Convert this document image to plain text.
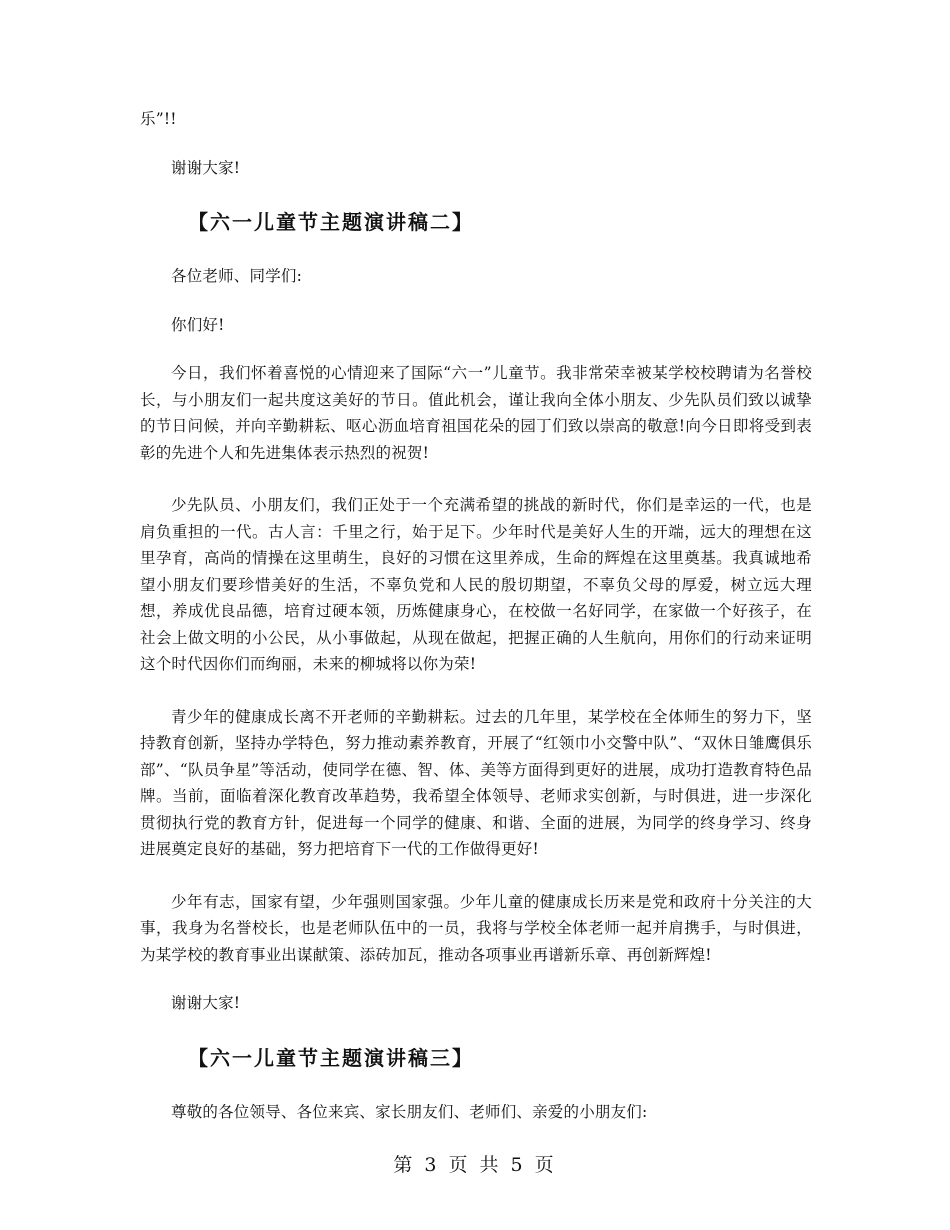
乐”!!

谢谢大家!

【六一儿童节主题演讲稿二】

各位老师、同学们:

你们好!

今日，我们怀着喜悦的心情迎来了国际“六一”儿童节。我非常荣幸被某学校校聘请为名誉校长，与小朋友们一起共度这美好的节日。值此机会，谨让我向全体小朋友、少先队员们致以诚挚的节日问候，并向辛勤耕耘、呕心沥血培育祖国花朵的园丁们致以崇高的敬意!向今日即将受到表彰的先进个人和先进集体表示热烈的祝贺!

少先队员、小朋友们，我们正处于一个充满希望的挑战的新时代，你们是幸运的一代，也是肩负重担的一代。古人言：千里之行，始于足下。少年时代是美好人生的开端，远大的理想在这里孕育，高尚的情操在这里萌生，良好的习惯在这里养成，生命的辉煌在这里奠基。我真诚地希望小朋友们要珍惜美好的生活，不辜负党和人民的殷切期望，不辜负父母的厚爱，树立远大理想，养成优良品德，培育过硬本领，历炼健康身心，在校做一名好同学，在家做一个好孩子，在社会上做文明的小公民，从小事做起，从现在做起，把握正确的人生航向，用你们的行动来证明这个时代因你们而绚丽，未来的柳城将以你为荣!

青少年的健康成长离不开老师的辛勤耕耘。过去的几年里，某学校在全体师生的努力下，坚持教育创新，坚持办学特色，努力推动素养教育，开展了“红领巾小交警中队”、“双休日雏鹰俱乐部”、“队员争星”等活动，使同学在德、智、体、美等方面得到更好的进展，成功打造教育特色品牌。当前，面临着深化教育改革趋势，我希望全体领导、老师求实创新，与时俱进，进一步深化贯彻执行党的教育方针，促进每一个同学的健康、和谐、全面的进展，为同学的终身学习、终身进展奠定良好的基础，努力把培育下一代的工作做得更好!

少年有志，国家有望，少年强则国家强。少年儿童的健康成长历来是党和政府十分关注的大事，我身为名誉校长，也是老师队伍中的一员，我将与学校全体老师一起并肩携手，与时俱进，为某学校的教育事业出谋献策、添砖加瓦，推动各项事业再谱新乐章、再创新辉煌!

谢谢大家!

【六一儿童节主题演讲稿三】

尊敬的各位领导、各位来宾、家长朋友们、老师们、亲爱的小朋友们:

第 3 页 共 5 页
